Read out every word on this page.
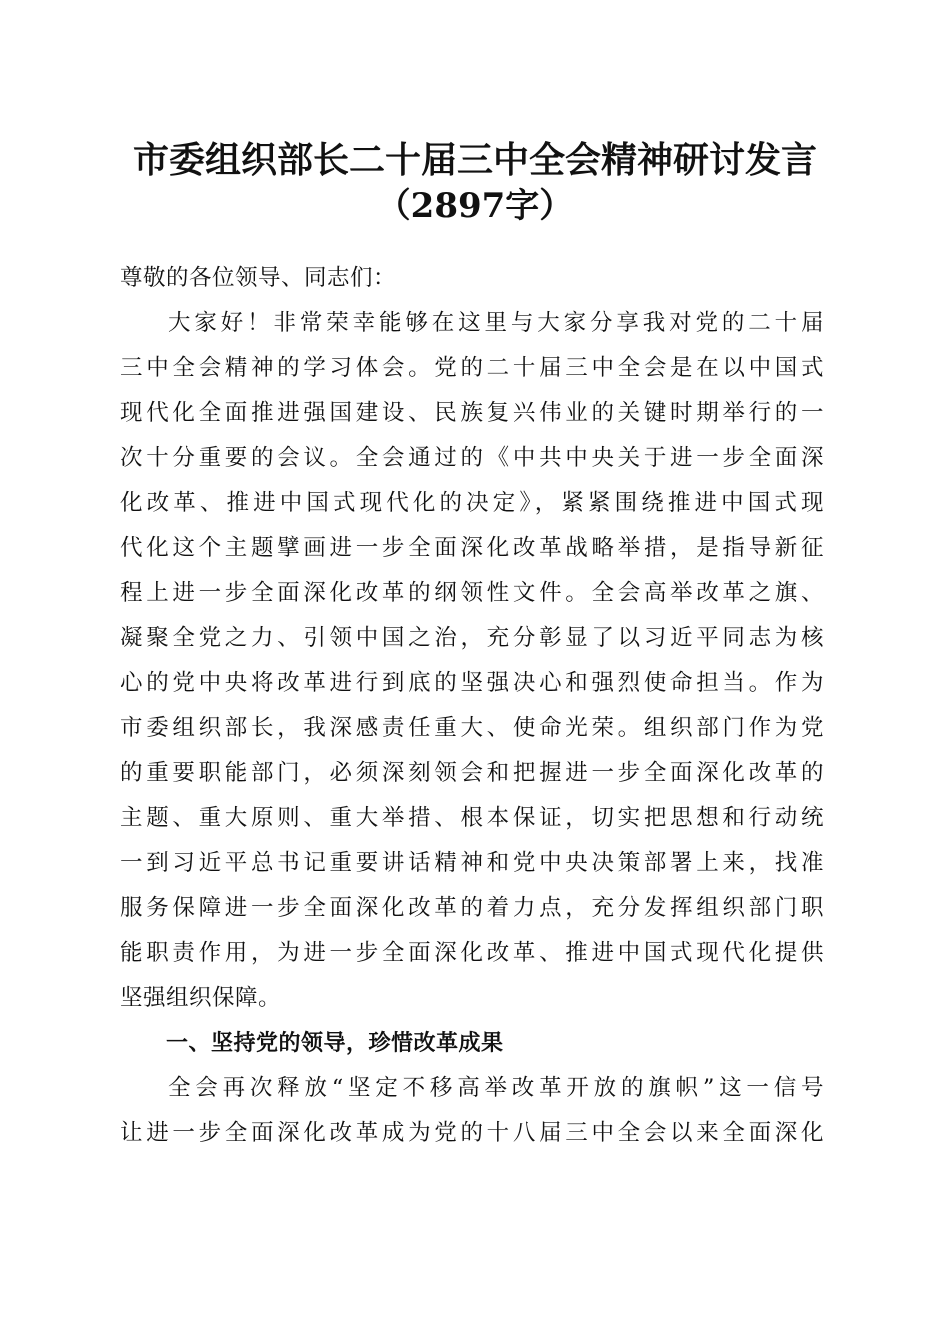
市委组织部长二十届三中全会精神研讨发言
（2897字）
尊敬的各位领导、同志们：
大家好！非常荣幸能够在这里与大家分享我对党的二十届
三中全会精神的学习体会。党的二十届三中全会是在以中国式
现代化全面推进强国建设、民族复兴伟业的关键时期举行的一
次十分重要的会议。全会通过的《中共中央关于进一步全面深
化改革、推进中国式现代化的决定》，紧紧围绕推进中国式现
代化这个主题擘画进一步全面深化改革战略举措，是指导新征
程上进一步全面深化改革的纲领性文件。全会高举改革之旗、
凝聚全党之力、引领中国之治，充分彰显了以习近平同志为核
心的党中央将改革进行到底的坚强决心和强烈使命担当。作为
市委组织部长，我深感责任重大、使命光荣。组织部门作为党
的重要职能部门，必须深刻领会和把握进一步全面深化改革的
主题、重大原则、重大举措、根本保证，切实把思想和行动统
一到习近平总书记重要讲话精神和党中央决策部署上来，找准
服务保障进一步全面深化改革的着力点，充分发挥组织部门职
能职责作用，为进一步全面深化改革、推进中国式现代化提供
坚强组织保障。
一、坚持党的领导，珍惜改革成果
全会再次释放“坚定不移高举改革开放的旗帜”这一信号
让进一步全面深化改革成为党的十八届三中全会以来全面深化
